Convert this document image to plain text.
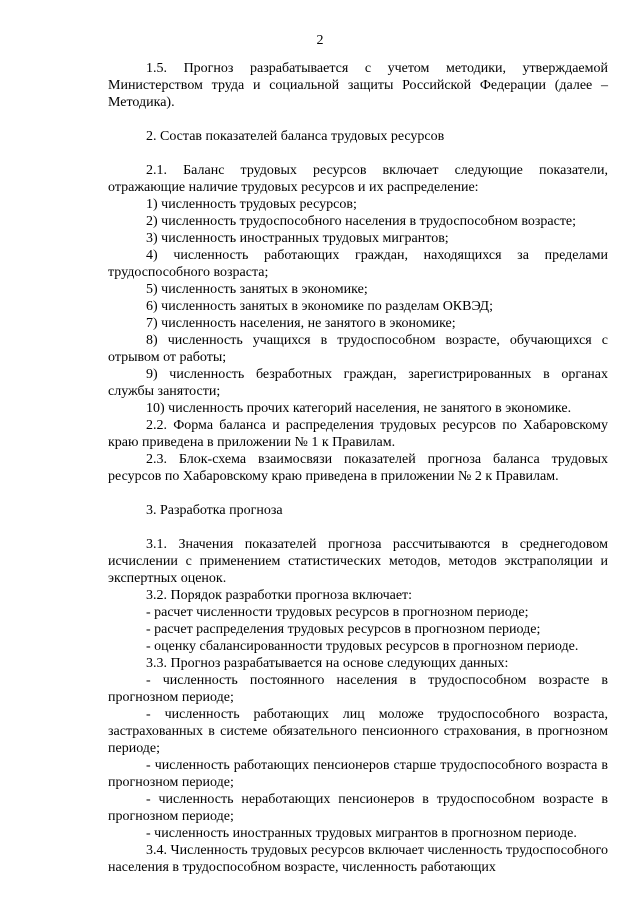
2

1.5. Прогноз разрабатывается с учетом методики, утверждаемой Министерством труда и социальной защиты Российской Федерации (далее – Методика).

2. Состав показателей баланса трудовых ресурсов

2.1. Баланс трудовых ресурсов включает следующие показатели, отражающие наличие трудовых ресурсов и их распределение:

1) численность трудовых ресурсов;

2) численность трудоспособного населения в трудоспособном возрасте;

3) численность иностранных трудовых мигрантов;

4) численность работающих граждан, находящихся за пределами трудоспособного возраста;

5) численность занятых в экономике;

6) численность занятых в экономике по разделам ОКВЭД;

7) численность населения, не занятого в экономике;

8) численность учащихся в трудоспособном возрасте, обучающихся с отрывом от работы;

9) численность безработных граждан, зарегистрированных в органах службы занятости;

10) численность прочих категорий населения, не занятого в экономике.

2.2. Форма баланса и распределения трудовых ресурсов по Хабаровскому краю приведена в приложении № 1 к Правилам.

2.3. Блок-схема взаимосвязи показателей прогноза баланса трудовых ресурсов по Хабаровскому краю приведена в приложении № 2 к Правилам.

3. Разработка прогноза

3.1. Значения показателей прогноза рассчитываются в среднегодовом исчислении с применением статистических методов, методов экстраполяции и экспертных оценок.

3.2. Порядок разработки прогноза включает:

- расчет численности трудовых ресурсов в прогнозном периоде;

- расчет распределения трудовых ресурсов в прогнозном периоде;

- оценку сбалансированности трудовых ресурсов в прогнозном периоде.

3.3. Прогноз разрабатывается на основе следующих данных:

- численность постоянного населения в трудоспособном возрасте в прогнозном периоде;

- численность работающих лиц моложе трудоспособного возраста, застрахованных в системе обязательного пенсионного страхования, в прогнозном периоде;

- численность работающих пенсионеров старше трудоспособного возраста в прогнозном периоде;

- численность неработающих пенсионеров в трудоспособном возрасте в прогнозном периоде;

- численность иностранных трудовых мигрантов в прогнозном периоде.

3.4. Численность трудовых ресурсов включает численность трудоспособного населения в трудоспособном возрасте, численность работающих
